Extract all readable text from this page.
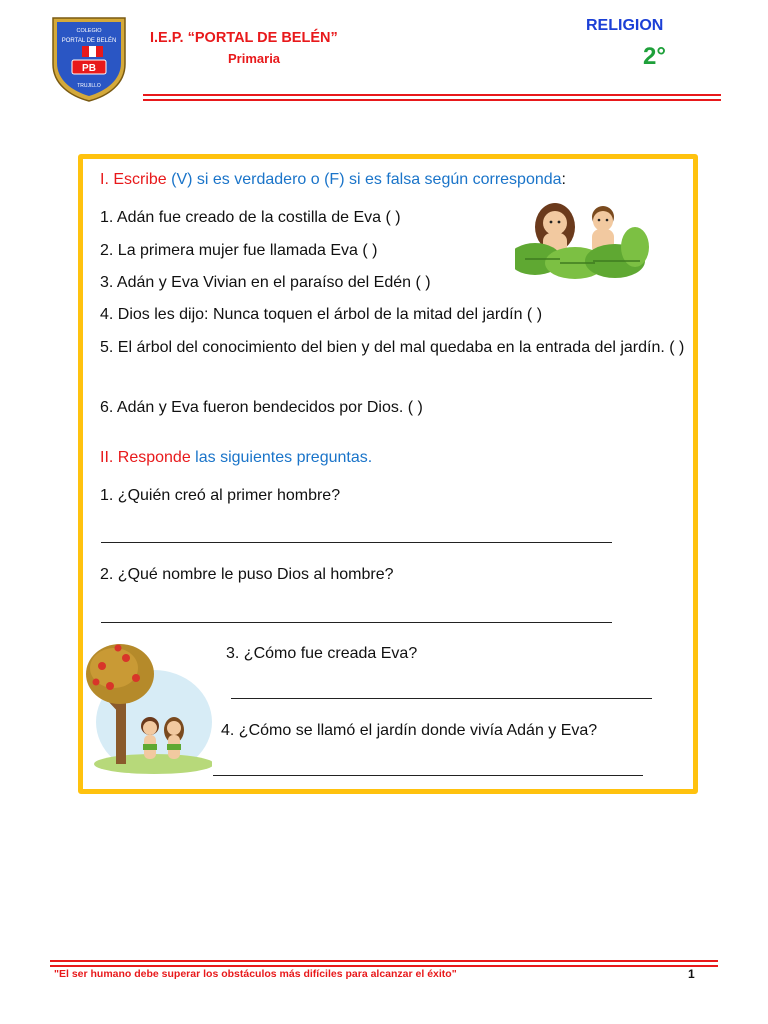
COLEGIO
PORTAL DE BELÉN
PB
TRUJILLO
I.E.P. “PORTAL DE BELÉN”
Primaria
RELIGION
2°
I. Escribe (V) si es verdadero o (F) si es falsa según corresponda:
1. Adán fue creado de la costilla de Eva ( )
2. La primera mujer fue llamada Eva ( )
3. Adán y Eva Vivian en el paraíso del Edén ( )
4. Dios les dijo: Nunca toquen el árbol de la mitad del jardín ( )
5. El árbol del conocimiento del bien y del mal quedaba en la entrada del jardín. ( )
6. Adán y Eva fueron bendecidos por Dios. ( )
II. Responde las siguientes preguntas.
1. ¿Quién creó al primer hombre?
2. ¿Qué nombre le puso Dios al hombre?
3. ¿Cómo fue creada Eva?
4. ¿Cómo se llamó el jardín donde vivía Adán y Eva?
"El ser humano debe superar los obstáculos más difíciles para alcanzar el éxito"	1
